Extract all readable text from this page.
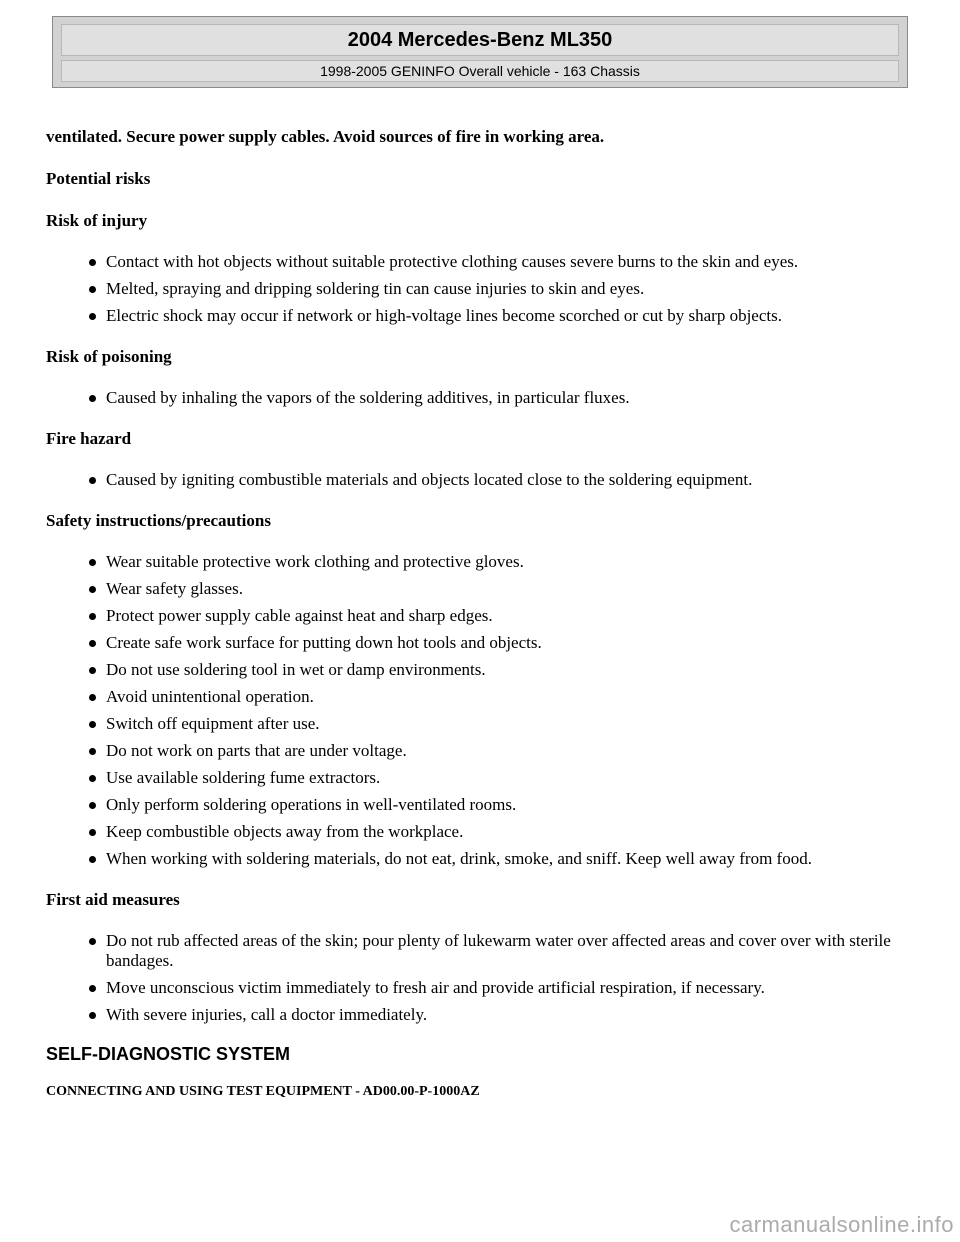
2004 Mercedes-Benz ML350
1998-2005 GENINFO Overall vehicle - 163 Chassis

ventilated. Secure power supply cables. Avoid sources of fire in working area.

Potential risks

Risk of injury

Contact with hot objects without suitable protective clothing causes severe burns to the skin and eyes.
Melted, spraying and dripping soldering tin can cause injuries to skin and eyes.
Electric shock may occur if network or high-voltage lines become scorched or cut by sharp objects.

Risk of poisoning

Caused by inhaling the vapors of the soldering additives, in particular fluxes.

Fire hazard

Caused by igniting combustible materials and objects located close to the soldering equipment.

Safety instructions/precautions

Wear suitable protective work clothing and protective gloves.
Wear safety glasses.
Protect power supply cable against heat and sharp edges.
Create safe work surface for putting down hot tools and objects.
Do not use soldering tool in wet or damp environments.
Avoid unintentional operation.
Switch off equipment after use.
Do not work on parts that are under voltage.
Use available soldering fume extractors.
Only perform soldering operations in well-ventilated rooms.
Keep combustible objects away from the workplace.
When working with soldering materials, do not eat, drink, smoke, and sniff. Keep well away from food.

First aid measures

Do not rub affected areas of the skin; pour plenty of lukewarm water over affected areas and cover over with sterile bandages.
Move unconscious victim immediately to fresh air and provide artificial respiration, if necessary.
With severe injuries, call a doctor immediately.

SELF-DIAGNOSTIC SYSTEM

CONNECTING AND USING TEST EQUIPMENT - AD00.00-P-1000AZ

carmanualsonline.info
